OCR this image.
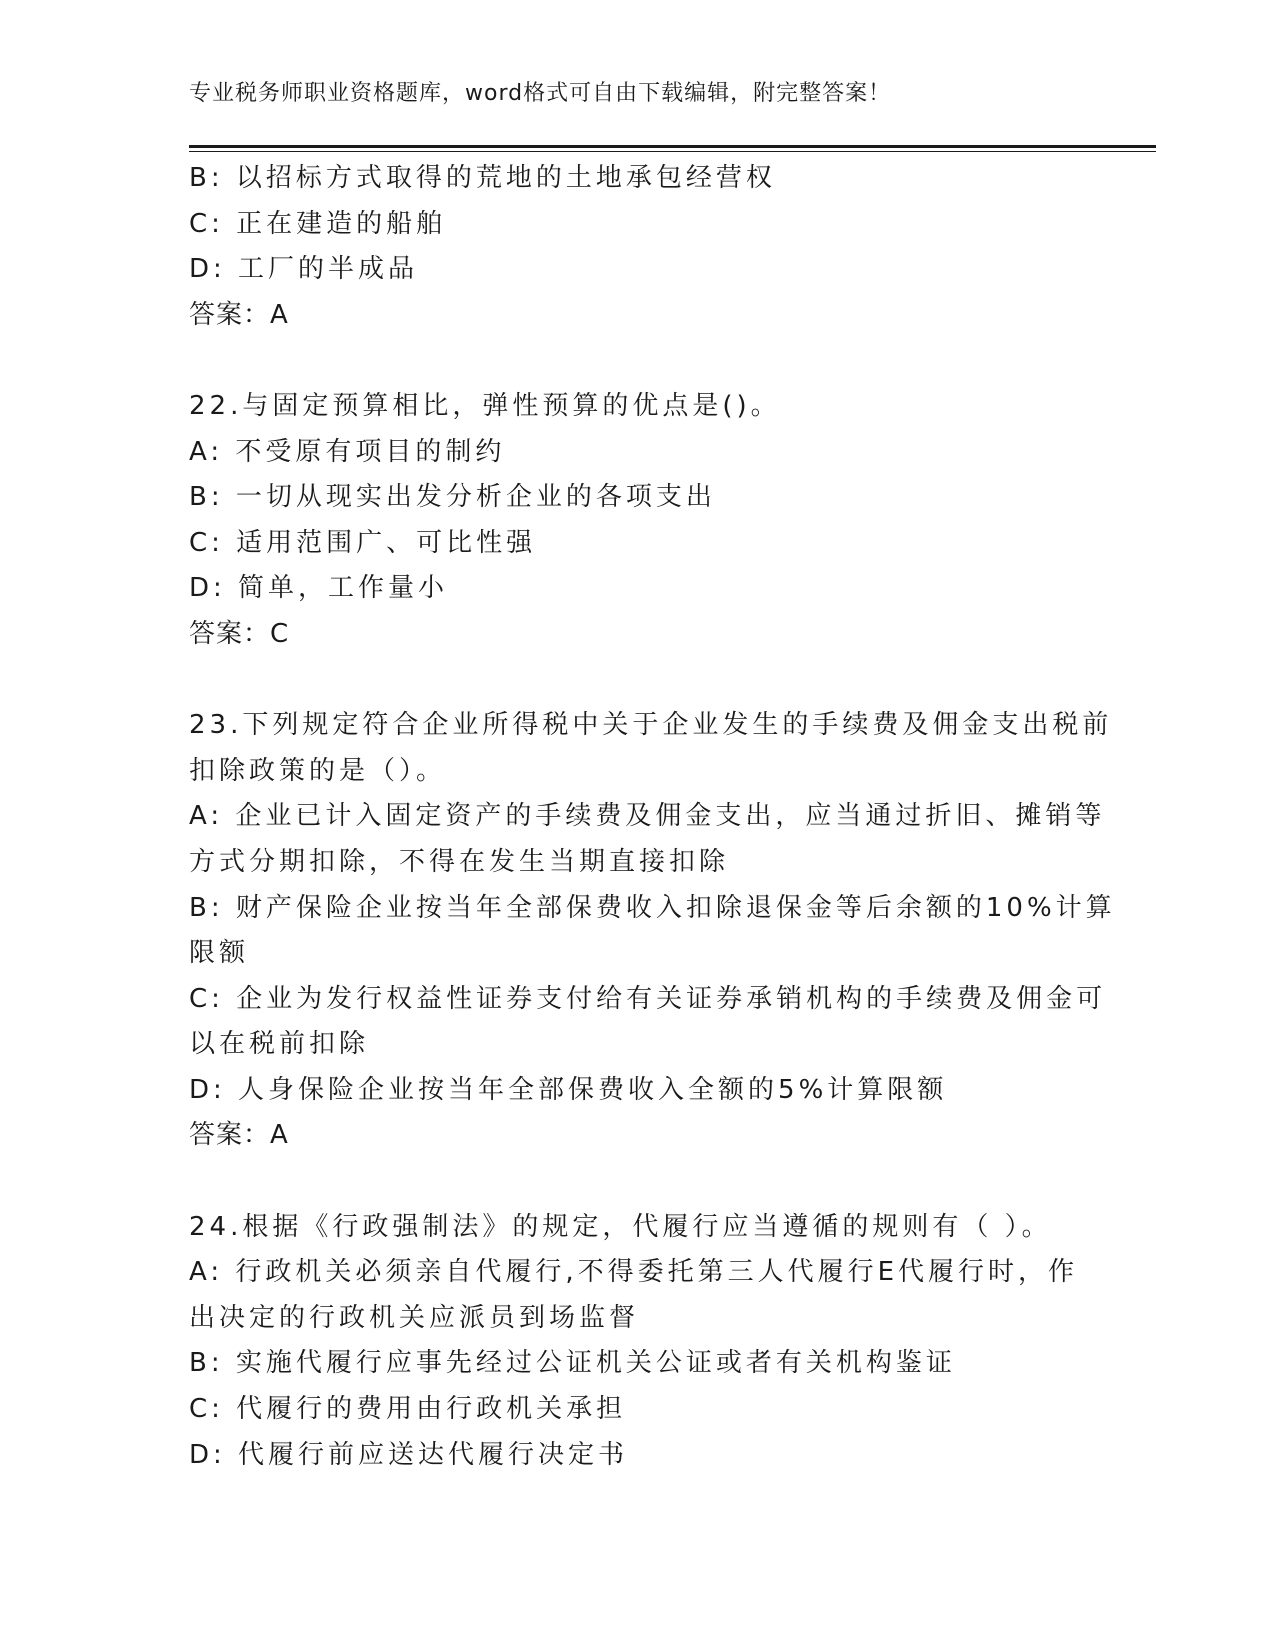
专业税务师职业资格题库，word格式可自由下载编辑，附完整答案！
B: 以招标方式取得的荒地的土地承包经营权
C: 正在建造的船舶
D: 工厂的半成品
答案：A
22.与固定预算相比，弹性预算的优点是()。
A: 不受原有项目的制约
B: 一切从现实出发分析企业的各项支出
C: 适用范围广、可比性强
D: 简单，工作量小
答案：C
23.下列规定符合企业所得税中关于企业发生的手续费及佣金支出税前
扣除政策的是（）。
A: 企业已计入固定资产的手续费及佣金支出，应当通过折旧、摊销等
方式分期扣除，不得在发生当期直接扣除
B: 财产保险企业按当年全部保费收入扣除退保金等后余额的10%计算
限额
C: 企业为发行权益性证券支付给有关证券承销机构的手续费及佣金可
以在税前扣除
D: 人身保险企业按当年全部保费收入全额的5%计算限额
答案：A
24.根据《行政强制法》的规定，代履行应当遵循的规则有（ ）。
A: 行政机关必须亲自代履行,不得委托第三人代履行E代履行时，作
出决定的行政机关应派员到场监督
B: 实施代履行应事先经过公证机关公证或者有关机构鉴证
C: 代履行的费用由行政机关承担
D: 代履行前应送达代履行决定书
